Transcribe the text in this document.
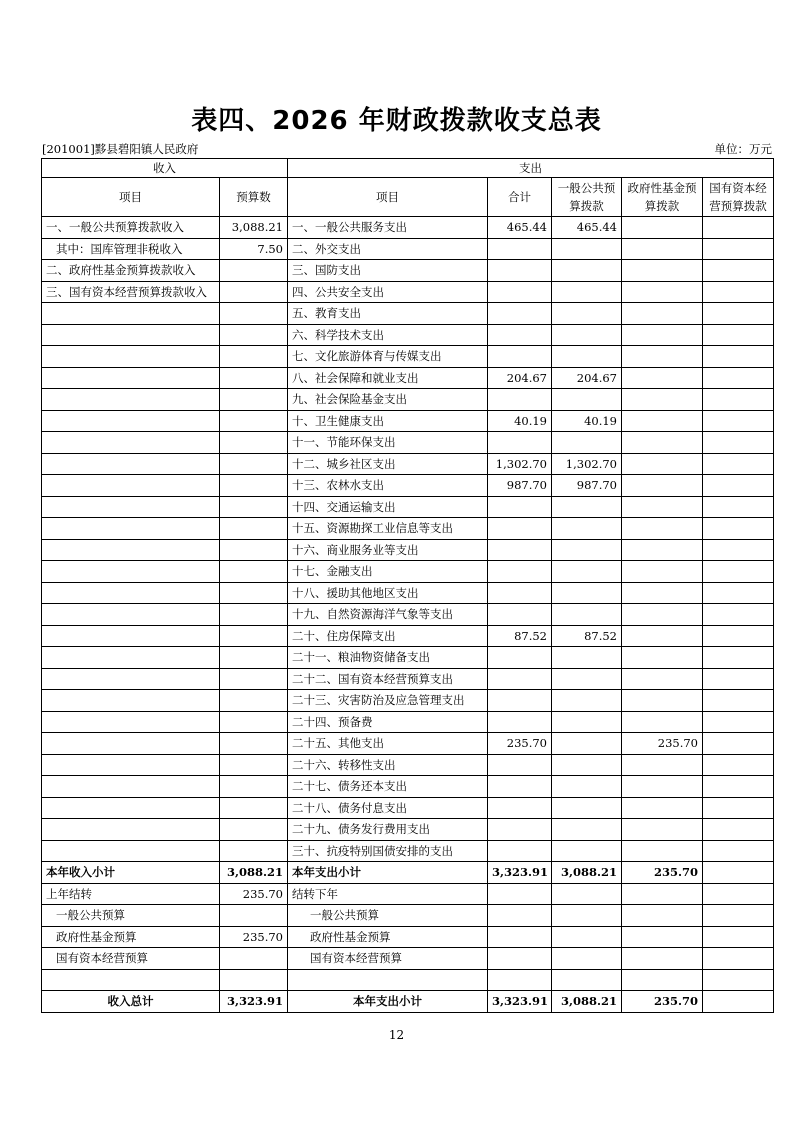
表四、2026 年财政拨款收支总表
[201001]黟县碧阳镇人民政府	单位：万元
收入		支出				
项目	预算数	项目	合计	一般公共预算拨款	政府性基金预算拨款	国有资本经营预算拨款
一、一般公共预算拨款收入	3,088.21	一、一般公共服务支出	465.44	465.44		
其中：国库管理非税收入	7.50	二、外交支出				
二、政府性基金预算拨款收入		三、国防支出				
三、国有资本经营预算拨款收入		四、公共安全支出				
		五、教育支出				
		六、科学技术支出				
		七、文化旅游体育与传媒支出				
		八、社会保障和就业支出	204.67	204.67		
		九、社会保险基金支出				
		十、卫生健康支出	40.19	40.19		
		十一、节能环保支出				
		十二、城乡社区支出	1,302.70	1,302.70		
		十三、农林水支出	987.70	987.70		
		十四、交通运输支出				
		十五、资源勘探工业信息等支出				
		十六、商业服务业等支出				
		十七、金融支出				
		十八、援助其他地区支出				
		十九、自然资源海洋气象等支出				
		二十、住房保障支出	87.52	87.52		
		二十一、粮油物资储备支出				
		二十二、国有资本经营预算支出				
		二十三、灾害防治及应急管理支出				
		二十四、预备费				
		二十五、其他支出	235.70		235.70	
		二十六、转移性支出				
		二十七、债务还本支出				
		二十八、债务付息支出				
		二十九、债务发行费用支出				
		三十、抗疫特别国债安排的支出				
本年收入小计	3,088.21	本年支出小计	3,323.91	3,088.21	235.70	
上年结转	235.70	结转下年				
一般公共预算		一般公共预算				
政府性基金预算	235.70	政府性基金预算				
国有资本经营预算		国有资本经营预算				

收入总计	3,323.91	本年支出小计	3,323.91	3,088.21	235.70	
12
